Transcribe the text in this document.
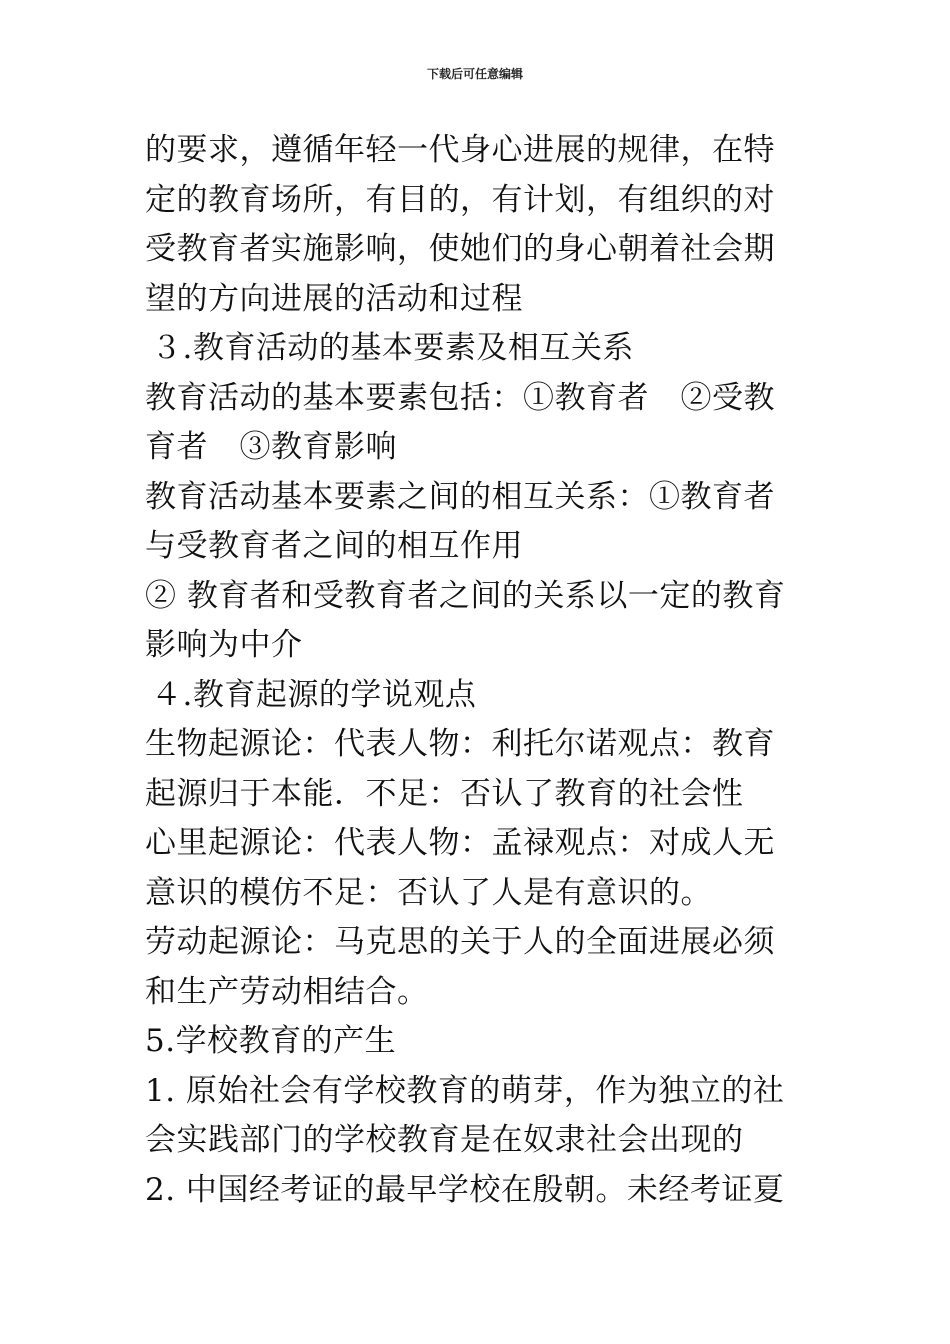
下载后可任意编辑
的要求，遵循年轻一代身心进展的规律，在特
定的教育场所，有目的，有计划，有组织的对
受教育者实施影响，使她们的身心朝着社会期
望的方向进展的活动和过程
３.教育活动的基本要素及相互关系
教育活动的基本要素包括：①教育者　②受教
育者　③教育影响
教育活动基本要素之间的相互关系：①教育者
与受教育者之间的相互作用
② 教育者和受教育者之间的关系以一定的教育
影响为中介
４.教育起源的学说观点
生物起源论：代表人物：利托尔诺观点：教育
起源归于本能．不足：否认了教育的社会性
心里起源论：代表人物：孟禄观点：对成人无
意识的模仿不足：否认了人是有意识的。
劳动起源论：马克思的关于人的全面进展必须
和生产劳动相结合。
5.学校教育的产生
1. 原始社会有学校教育的萌芽，作为独立的社
会实践部门的学校教育是在奴隶社会出现的
2. 中国经考证的最早学校在殷朝。未经考证夏
